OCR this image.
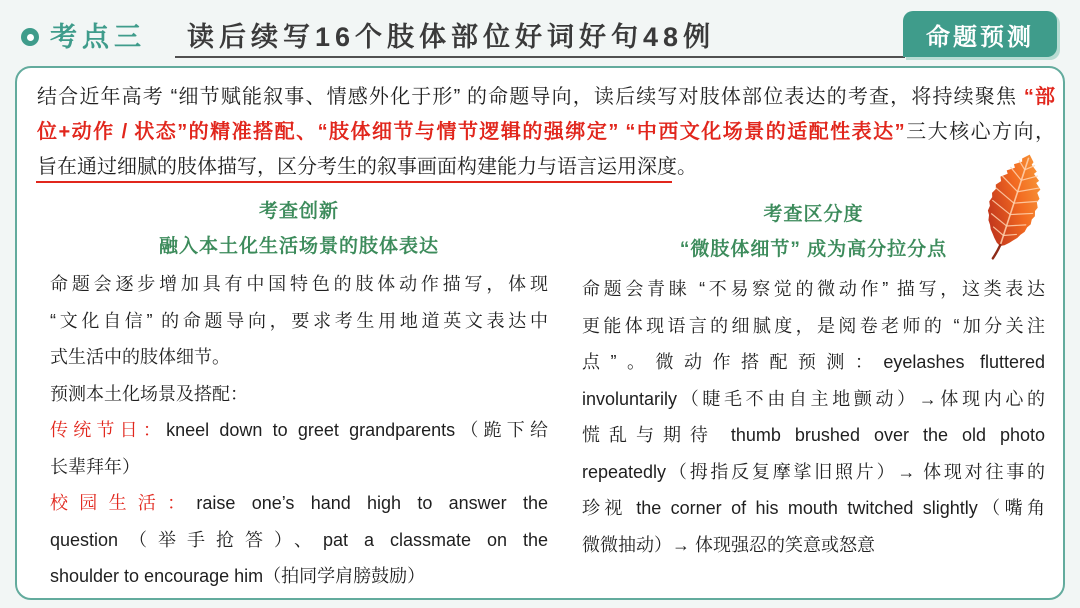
考点三 读后续写16个肢体部位好词好句48例	命题预测
结合近年高考 “细节赋能叙事、情感外化于形” 的命题导向，读后续写对肢体部位表达的考查，将持续聚焦 “部
位+动作 / 状态”的精准搭配、“肢体细节与情节逻辑的强绑定” “中西文化场景的适配性表达”三大核心方向，
旨在通过细腻的肢体描写，区分考生的叙事画面构建能力与语言运用深度。
考查创新
融入本土化生活场景的肢体表达
命题会逐步增加具有中国特色的肢体动作描写，体现
“文化自信” 的命题导向，要求考生用地道英文表达中
式生活中的肢体细节。
预测本土化场景及搭配：
传统节日：kneel down to greet grandparents（跪下给
长辈拜年）
校园生活：raise one’s hand high to answer the
question（举手抢答）、pat a classmate on the
shoulder to encourage him（拍同学肩膀鼓励）
考查区分度
“微肢体细节” 成为高分拉分点
命题会青睐 “不易察觉的微动作” 描写，这类表达
更能体现语言的细腻度，是阅卷老师的 “加分关注
点”。微动作搭配预测：eyelashes fluttered
involuntarily（睫毛不由自主地颤动）→体现内心的
慌乱与期待 thumb brushed over the old photo
repeatedly（拇指反复摩挲旧照片）→ 体现对往事的
珍视 the corner of his mouth twitched slightly（嘴角
微微抽动）→ 体现强忍的笑意或怒意
